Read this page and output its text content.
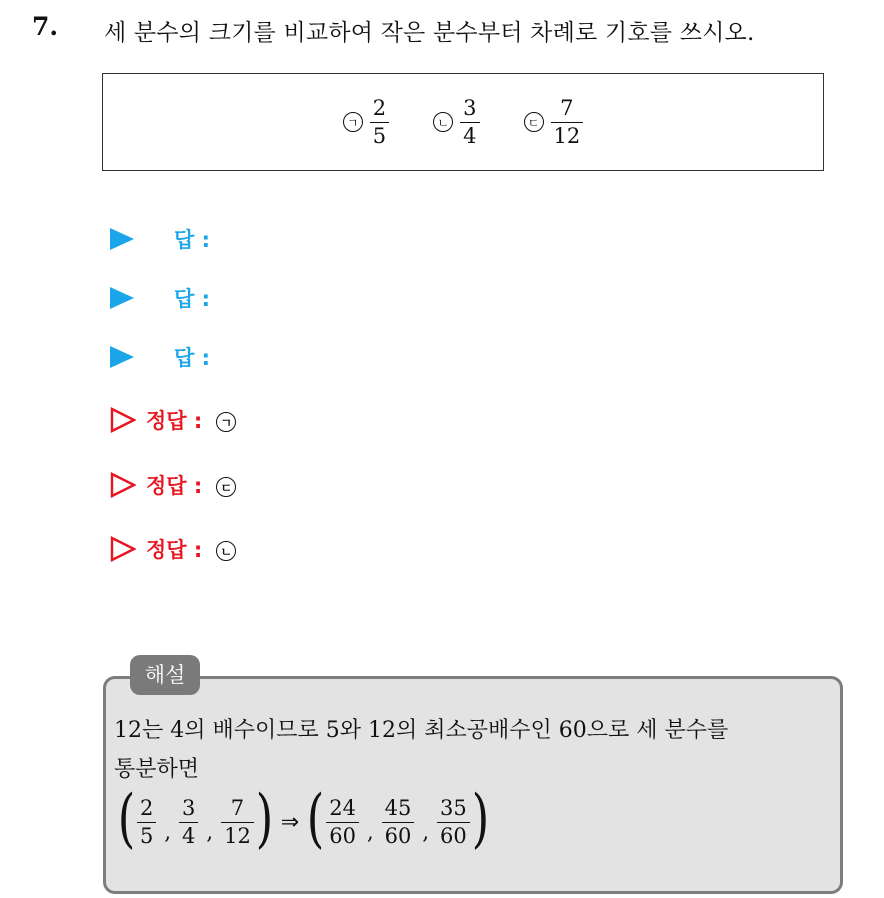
7. 세 분수의 크기를 비교하여 작은 분수부터 차례로 기호를 쓰시오.
ㄱ $\frac{2}{5}$	ㄴ $\frac{3}{4}$	ㄷ $\frac{7}{12}$
답 :
답 :
답 :
정답 :	ㄱ
정답 :	ㄷ
정답 :	ㄴ
해설
12는 4의 배수이므로 5와 12의 최소공배수인 60으로 세 분수를
통분하면
( $\frac{2}{5}$ , $\frac{3}{4}$ , $\frac{7}{12}$ ) ⇒ ( $\frac{24}{60}$ , $\frac{45}{60}$ , $\frac{35}{60}$ )
